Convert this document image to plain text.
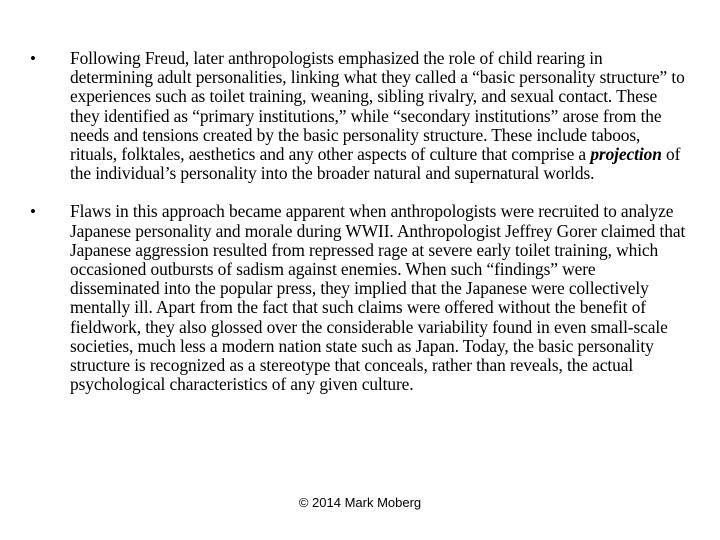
• Following Freud, later anthropologists emphasized the role of child rearing in determining adult personalities, linking what they called a “basic personality structure” to experiences such as toilet training, weaning, sibling rivalry, and sexual contact. These they identified as “primary institutions,” while “secondary institutions” arose from the needs and tensions created by the basic personality structure. These include taboos, rituals, folktales, aesthetics and any other aspects of culture that comprise a projection of the individual’s personality into the broader natural and supernatural worlds.
• Flaws in this approach became apparent when anthropologists were recruited to analyze Japanese personality and morale during WWII. Anthropologist Jeffrey Gorer claimed that Japanese aggression resulted from repressed rage at severe early toilet training, which occasioned outbursts of sadism against enemies. When such “findings” were disseminated into the popular press, they implied that the Japanese were collectively mentally ill. Apart from the fact that such claims were offered without the benefit of fieldwork, they also glossed over the considerable variability found in even small-scale societies, much less a modern nation state such as Japan. Today, the basic personality structure is recognized as a stereotype that conceals, rather than reveals, the actual psychological characteristics of any given culture.
© 2014 Mark Moberg
